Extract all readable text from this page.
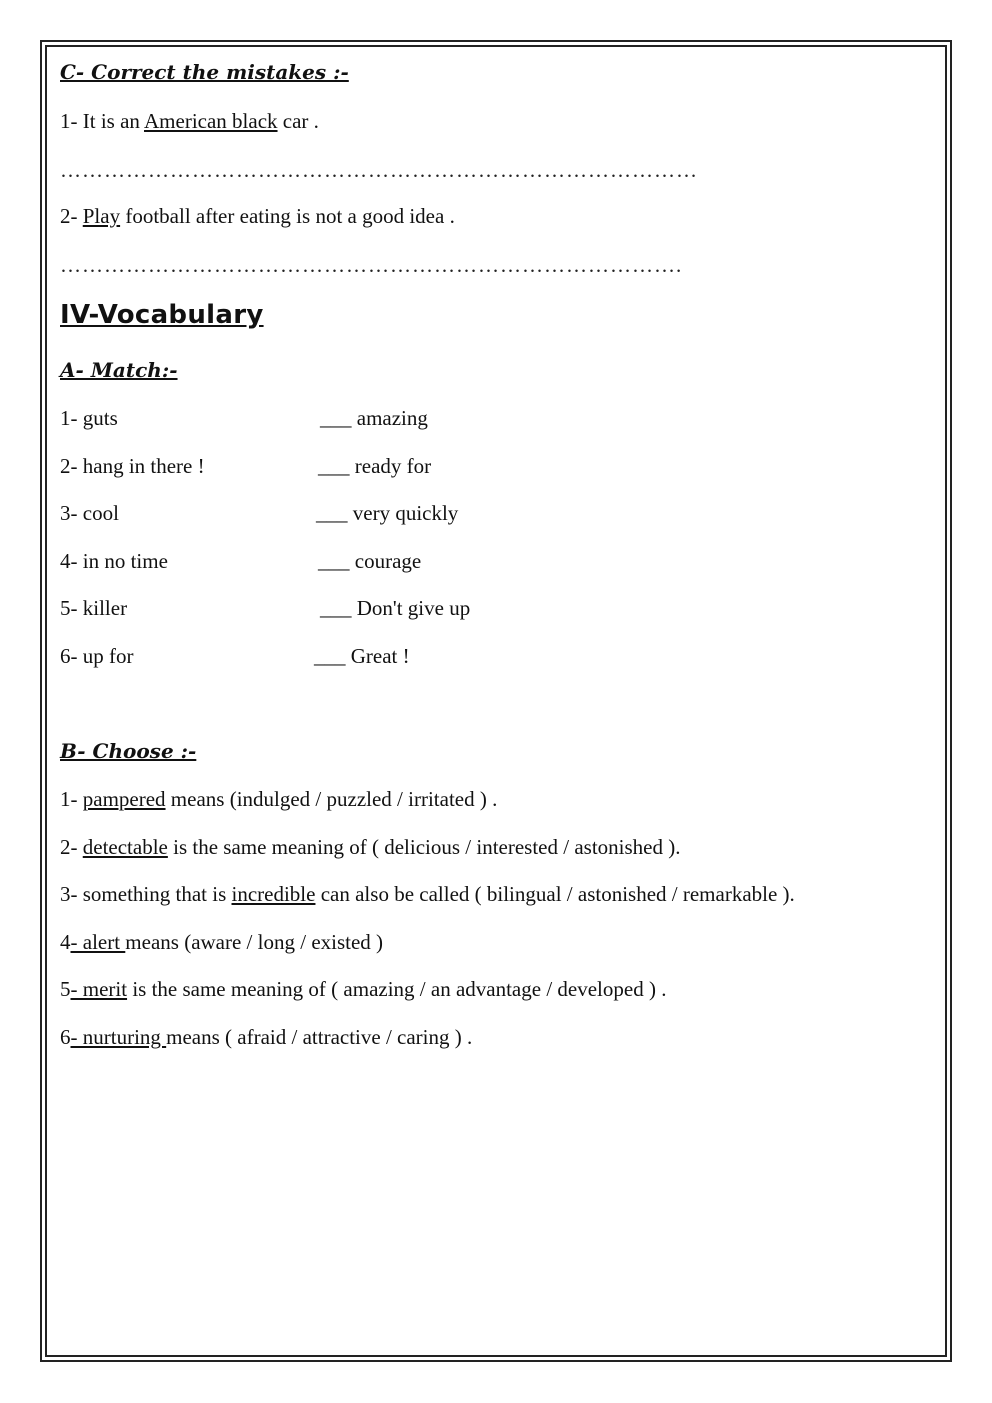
C- Correct the mistakes :-
1- It is an American black car .
……………………………………………………………………………
2- Play football after eating is not a good idea .
………………………………………………………………………….
IV-Vocabulary
A- Match:-
1- guts	___ amazing
2- hang in there !	___ ready for
3- cool	___ very quickly
4- in no time	___ courage
5- killer	___ Don't give up
6- up for	___ Great !
B- Choose :-
1- pampered means (indulged / puzzled / irritated ) .
2- detectable is the same meaning of ( delicious / interested / astonished ).
3- something that is incredible can also be called ( bilingual / astonished / remarkable ).
4- alert means (aware / long / existed )
5- merit is the same meaning of ( amazing / an advantage / developed ) .
6- nurturing means ( afraid / attractive / caring ) .
